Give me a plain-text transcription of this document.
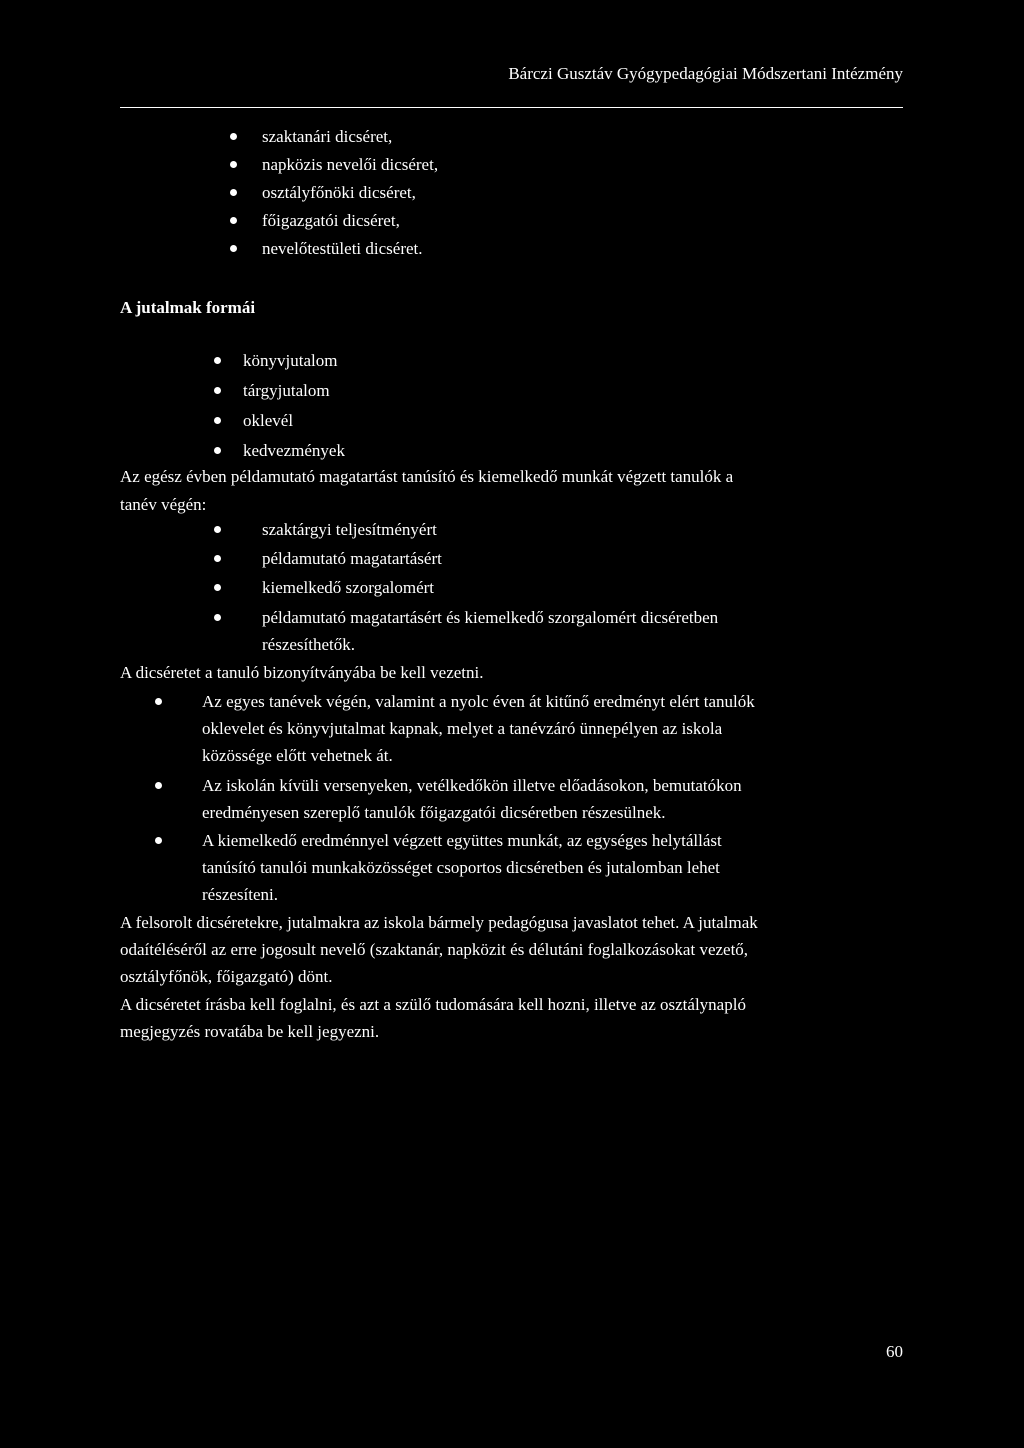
Bárczi Gusztáv Gyógypedagógiai Módszertani Intézmény
szaktanári dicséret,
napközis nevelői dicséret,
osztályfőnöki dicséret,
főigazgatói dicséret,
nevelőtestületi dicséret.
A jutalmak formái
könyvjutalom
tárgyjutalom
oklevél
kedvezmények
Az egész évben példamutató magatartást tanúsító és kiemelkedő munkát végzett tanulók a
tanév végén:
szaktárgyi teljesítményért
példamutató magatartásért
kiemelkedő szorgalomért
példamutató magatartásért és kiemelkedő szorgalomért dicséretben
részesíthetők.
A dicséretet a tanuló bizonyítványába be kell vezetni.
Az egyes tanévek végén, valamint a nyolc éven át kitűnő eredményt elért tanulók
oklevelet és könyvjutalmat kapnak, melyet a tanévzáró ünnepélyen az iskola
közössége előtt vehetnek át.
Az iskolán kívüli versenyeken, vetélkedőkön illetve előadásokon, bemutatókon
eredményesen szereplő tanulók főigazgatói dicséretben részesülnek.
A kiemelkedő eredménnyel végzett együttes munkát, az egységes helytállást
tanúsító tanulói munkaközösséget csoportos dicséretben és jutalomban lehet
részesíteni.
A felsorolt dicséretekre, jutalmakra az iskola bármely pedagógusa javaslatot tehet. A jutalmak
odaítéléséről az erre jogosult nevelő (szaktanár, napközit és délutáni foglalkozásokat vezető,
osztályfőnök, főigazgató) dönt.
A dicséretet írásba kell foglalni, és azt a szülő tudomására kell hozni, illetve az osztálynapló
megjegyzés rovatába be kell jegyezni.
60
